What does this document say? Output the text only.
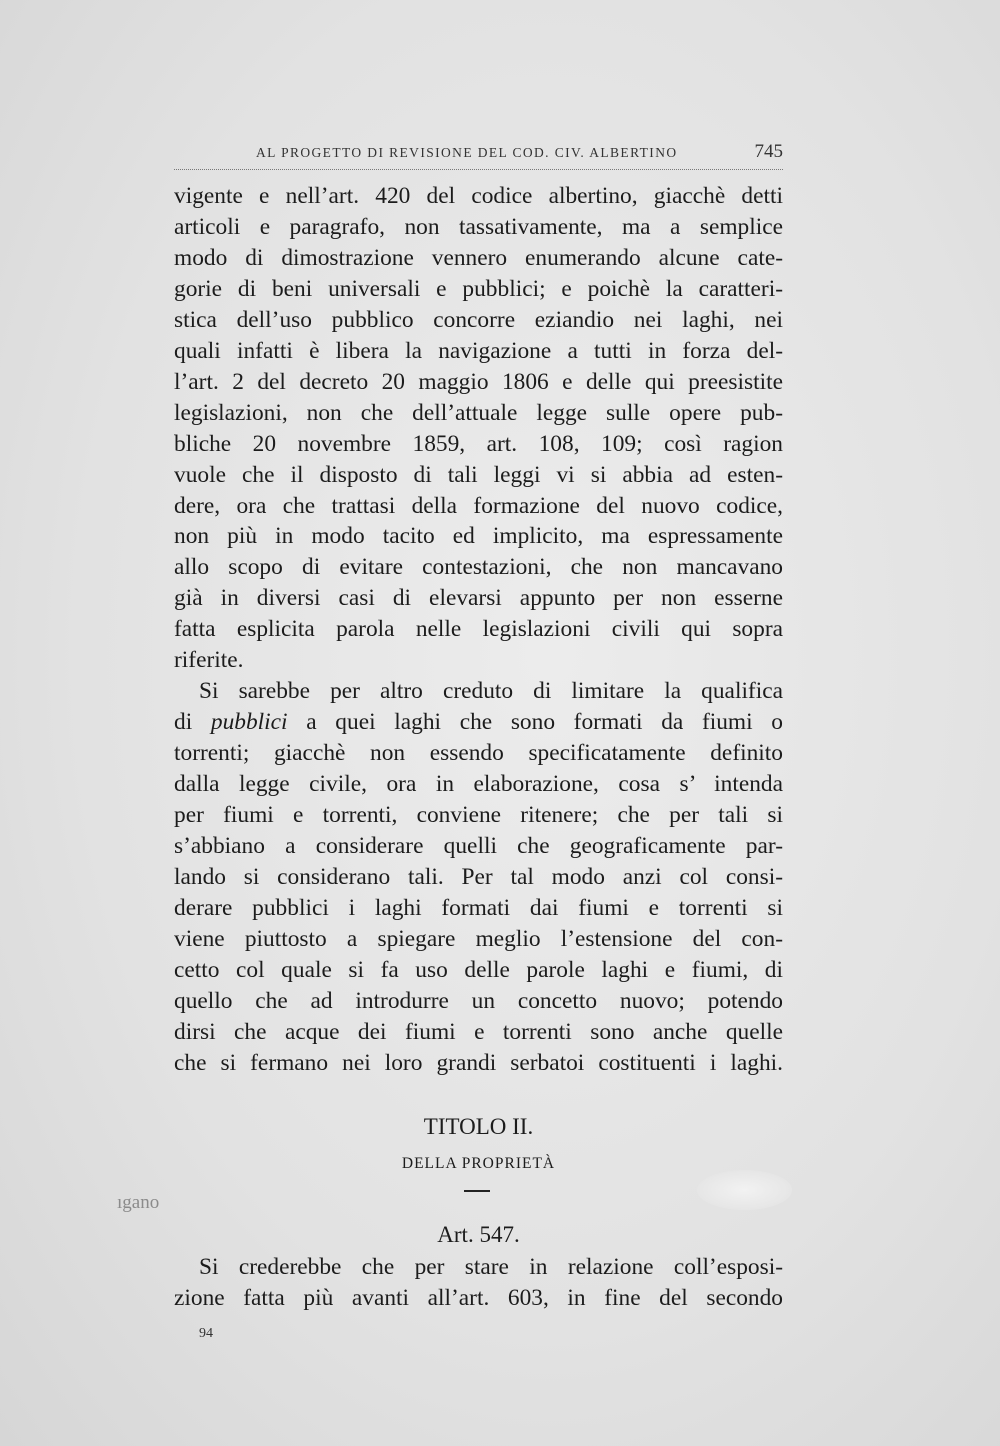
AL PROGETTO DI REVISIONE DEL COD. CIV. ALBERTINO	745
vigente e nell’art. 420 del codice albertino, giacchè detti
articoli e paragrafo, non tassativamente, ma a semplice
modo di dimostrazione vennero enumerando alcune cate-
gorie di beni universali e pubblici; e poichè la caratteri-
stica dell’uso pubblico concorre eziandio nei laghi, nei
quali infatti è libera la navigazione a tutti in forza del-
l’art. 2 del decreto 20 maggio 1806 e delle qui preesistite
legislazioni, non che dell’attuale legge sulle opere pub-
bliche 20 novembre 1859, art. 108, 109; così ragion
vuole che il disposto di tali leggi vi si abbia ad esten-
dere, ora che trattasi della formazione del nuovo codice,
non più in modo tacito ed implicito, ma espressamente
allo scopo di evitare contestazioni, che non mancavano
già in diversi casi di elevarsi appunto per non esserne
fatta esplicita parola nelle legislazioni civili qui sopra
riferite.
Si sarebbe per altro creduto di limitare la qualifica
di pubblici a quei laghi che sono formati da fiumi o
torrenti; giacchè non essendo specificatamente definito
dalla legge civile, ora in elaborazione, cosa s’ intenda
per fiumi e torrenti, conviene ritenere; che per tali si
s’abbiano a considerare quelli che geograficamente par-
lando si considerano tali. Per tal modo anzi col consi-
derare pubblici i laghi formati dai fiumi e torrenti si
viene piuttosto a spiegare meglio l’estensione del con-
cetto col quale si fa uso delle parole laghi e fiumi, di
quello che ad introdurre un concetto nuovo; potendo
dirsi che acque dei fiumi e torrenti sono anche quelle
che si fermano nei loro grandi serbatoi costituenti i laghi.
TITOLO II.
DELLA PROPRIETÀ
Art. 547.
Si crederebbe che per stare in relazione coll’esposi-
zione fatta più avanti all’art. 603, in fine del secondo
94
ıgano
